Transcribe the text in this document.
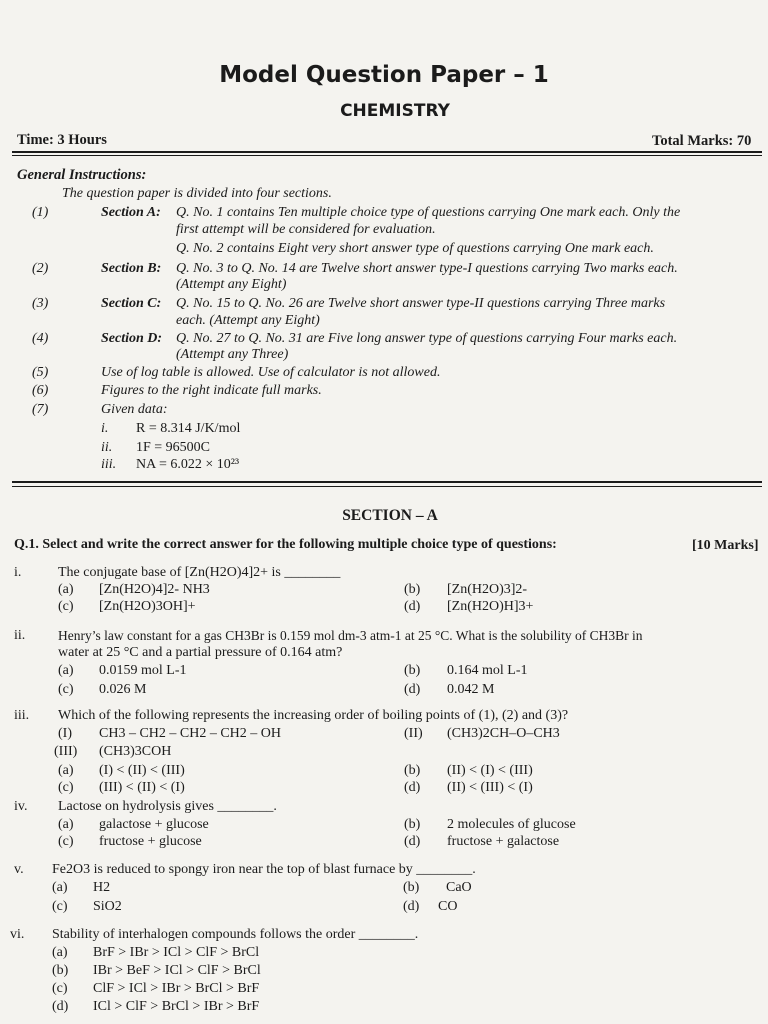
Model Question Paper – 1
CHEMISTRY
Time: 3 Hours	Total Marks: 70
General Instructions:
The question paper is divided into four sections.
(1)	Section A: Q. No. 1 contains Ten multiple choice type of questions carrying One mark each. Only the
first attempt will be considered for evaluation.
Q. No. 2 contains Eight very short answer type of questions carrying One mark each.
(2)	Section B: Q. No. 3 to Q. No. 14 are Twelve short answer type-I questions carrying Two marks each.
(Attempt any Eight)
(3)	Section C: Q. No. 15 to Q. No. 26 are Twelve short answer type-II questions carrying Three marks
each. (Attempt any Eight)
(4)	Section D: Q. No. 27 to Q. No. 31 are Five long answer type of questions carrying Four marks each.
(Attempt any Three)
(5)	Use of log table is allowed. Use of calculator is not allowed.
(6)	Figures to the right indicate full marks.
(7)	Given data:
i. R = 8.314 J/K/mol
ii. 1F = 96500C
iii. NA = 6.022 × 10²³
SECTION – A
Q.1. Select and write the correct answer for the following multiple choice type of questions:	[10 Marks]
i.	The conjugate base of [Zn(H2O)4]2+ is ________
(a) [Zn(H2O)4]2- NH3	(b) [Zn(H2O)3]2-
(c) [Zn(H2O)3OH]+	(d) [Zn(H2O)H]3+
ii. Henry’s law constant for a gas CH3Br is 0.159 mol dm-3 atm-1 at 25 °C. What is the solubility of CH3Br in
water at 25 °C and a partial pressure of 0.164 atm?
(a) 0.0159 mol L-1	(b) 0.164 mol L-1
(c) 0.026 M	(d) 0.042 M
iii. Which of the following represents the increasing order of boiling points of (1), (2) and (3)?
(I) CH3 – CH2 – CH2 – CH2 – OH	(II) (CH3)2CH–O–CH3
(III) (CH3)3COH
(a) (I) < (II) < (III)	(b) (II) < (I) < (III)
(c) (III) < (II) < (I)	(d) (II) < (III) < (I)
iv. Lactose on hydrolysis gives ________.
(a) galactose + glucose	(b) 2 molecules of glucose
(c) fructose + glucose	(d) fructose + galactose
v. Fe2O3 is reduced to spongy iron near the top of blast furnace by ________.
(a) H2	(b) CaO
(c) SiO2	(d) CO
vi. Stability of interhalogen compounds follows the order ________.
(a) BrF > IBr > ICl > ClF > BrCl
(b) IBr > BeF > ICl > ClF > BrCl
(c) ClF > ICl > IBr > BrCl > BrF
(d) ICl > ClF > BrCl > IBr > BrF
